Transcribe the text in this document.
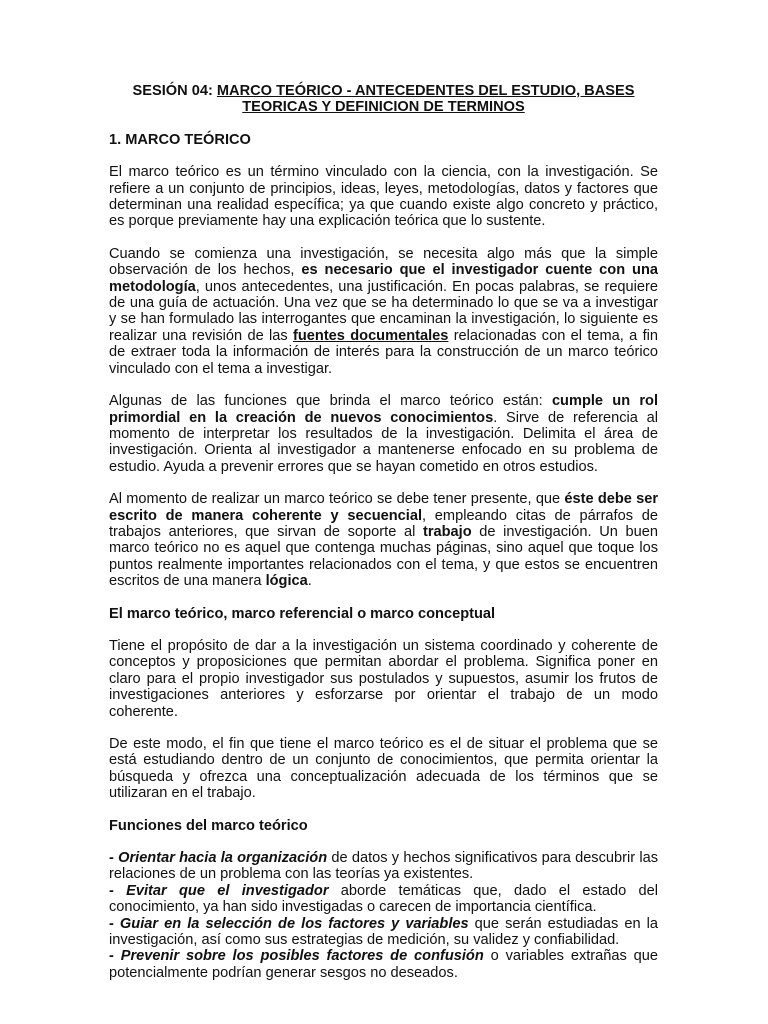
SESIÓN 04: MARCO TEÓRICO - ANTECEDENTES DEL ESTUDIO, BASES TEORICAS Y DEFINICION DE TERMINOS
1. MARCO TEÓRICO

El marco teórico es un término vinculado con la ciencia, con la investigación. Se refiere a un conjunto de principios, ideas, leyes, metodologías, datos y factores que determinan una realidad específica; ya que cuando existe algo concreto y práctico, es porque previamente hay una explicación teórica que lo sustente.

Cuando se comienza una investigación, se necesita algo más que la simple observación de los hechos, es necesario que el investigador cuente con una metodología, unos antecedentes, una justificación. En pocas palabras, se requiere de una guía de actuación. Una vez que se ha determinado lo que se va a investigar y se han formulado las interrogantes que encaminan la investigación, lo siguiente es realizar una revisión de las fuentes documentales relacionadas con el tema, a fin de extraer toda la información de interés para la construcción de un marco teórico vinculado con el tema a investigar.

Algunas de las funciones que brinda el marco teórico están: cumple un rol primordial en la creación de nuevos conocimientos. Sirve de referencia al momento de interpretar los resultados de la investigación. Delimita el área de investigación. Orienta al investigador a mantenerse enfocado en su problema de estudio. Ayuda a prevenir errores que se hayan cometido en otros estudios.

Al momento de realizar un marco teórico se debe tener presente, que éste debe ser escrito de manera coherente y secuencial, empleando citas de párrafos de trabajos anteriores, que sirvan de soporte al trabajo de investigación. Un buen marco teórico no es aquel que contenga muchas páginas, sino aquel que toque los puntos realmente importantes relacionados con el tema, y que estos se encuentren escritos de una manera lógica.

El marco teórico, marco referencial o marco conceptual

Tiene el propósito de dar a la investigación un sistema coordinado y coherente de conceptos y proposiciones que permitan abordar el problema. Significa poner en claro para el propio investigador sus postulados y supuestos, asumir los frutos de investigaciones anteriores y esforzarse por orientar el trabajo de un modo coherente.

De este modo, el fin que tiene el marco teórico es el de situar el problema que se está estudiando dentro de un conjunto de conocimientos, que permita orientar la búsqueda y ofrezca una conceptualización adecuada de los términos que se utilizaran en el trabajo.

Funciones del marco teórico

- Orientar hacia la organización de datos y hechos significativos para descubrir las relaciones de un problema con las teorías ya existentes.

- Evitar que el investigador aborde temáticas que, dado el estado del conocimiento, ya han sido investigadas o carecen de importancia científica.

- Guiar en la selección de los factores y variables que serán estudiadas en la investigación, así como sus estrategias de medición, su validez y confiabilidad.

- Prevenir sobre los posibles factores de confusión o variables extrañas que potencialmente podrían generar sesgos no deseados.
